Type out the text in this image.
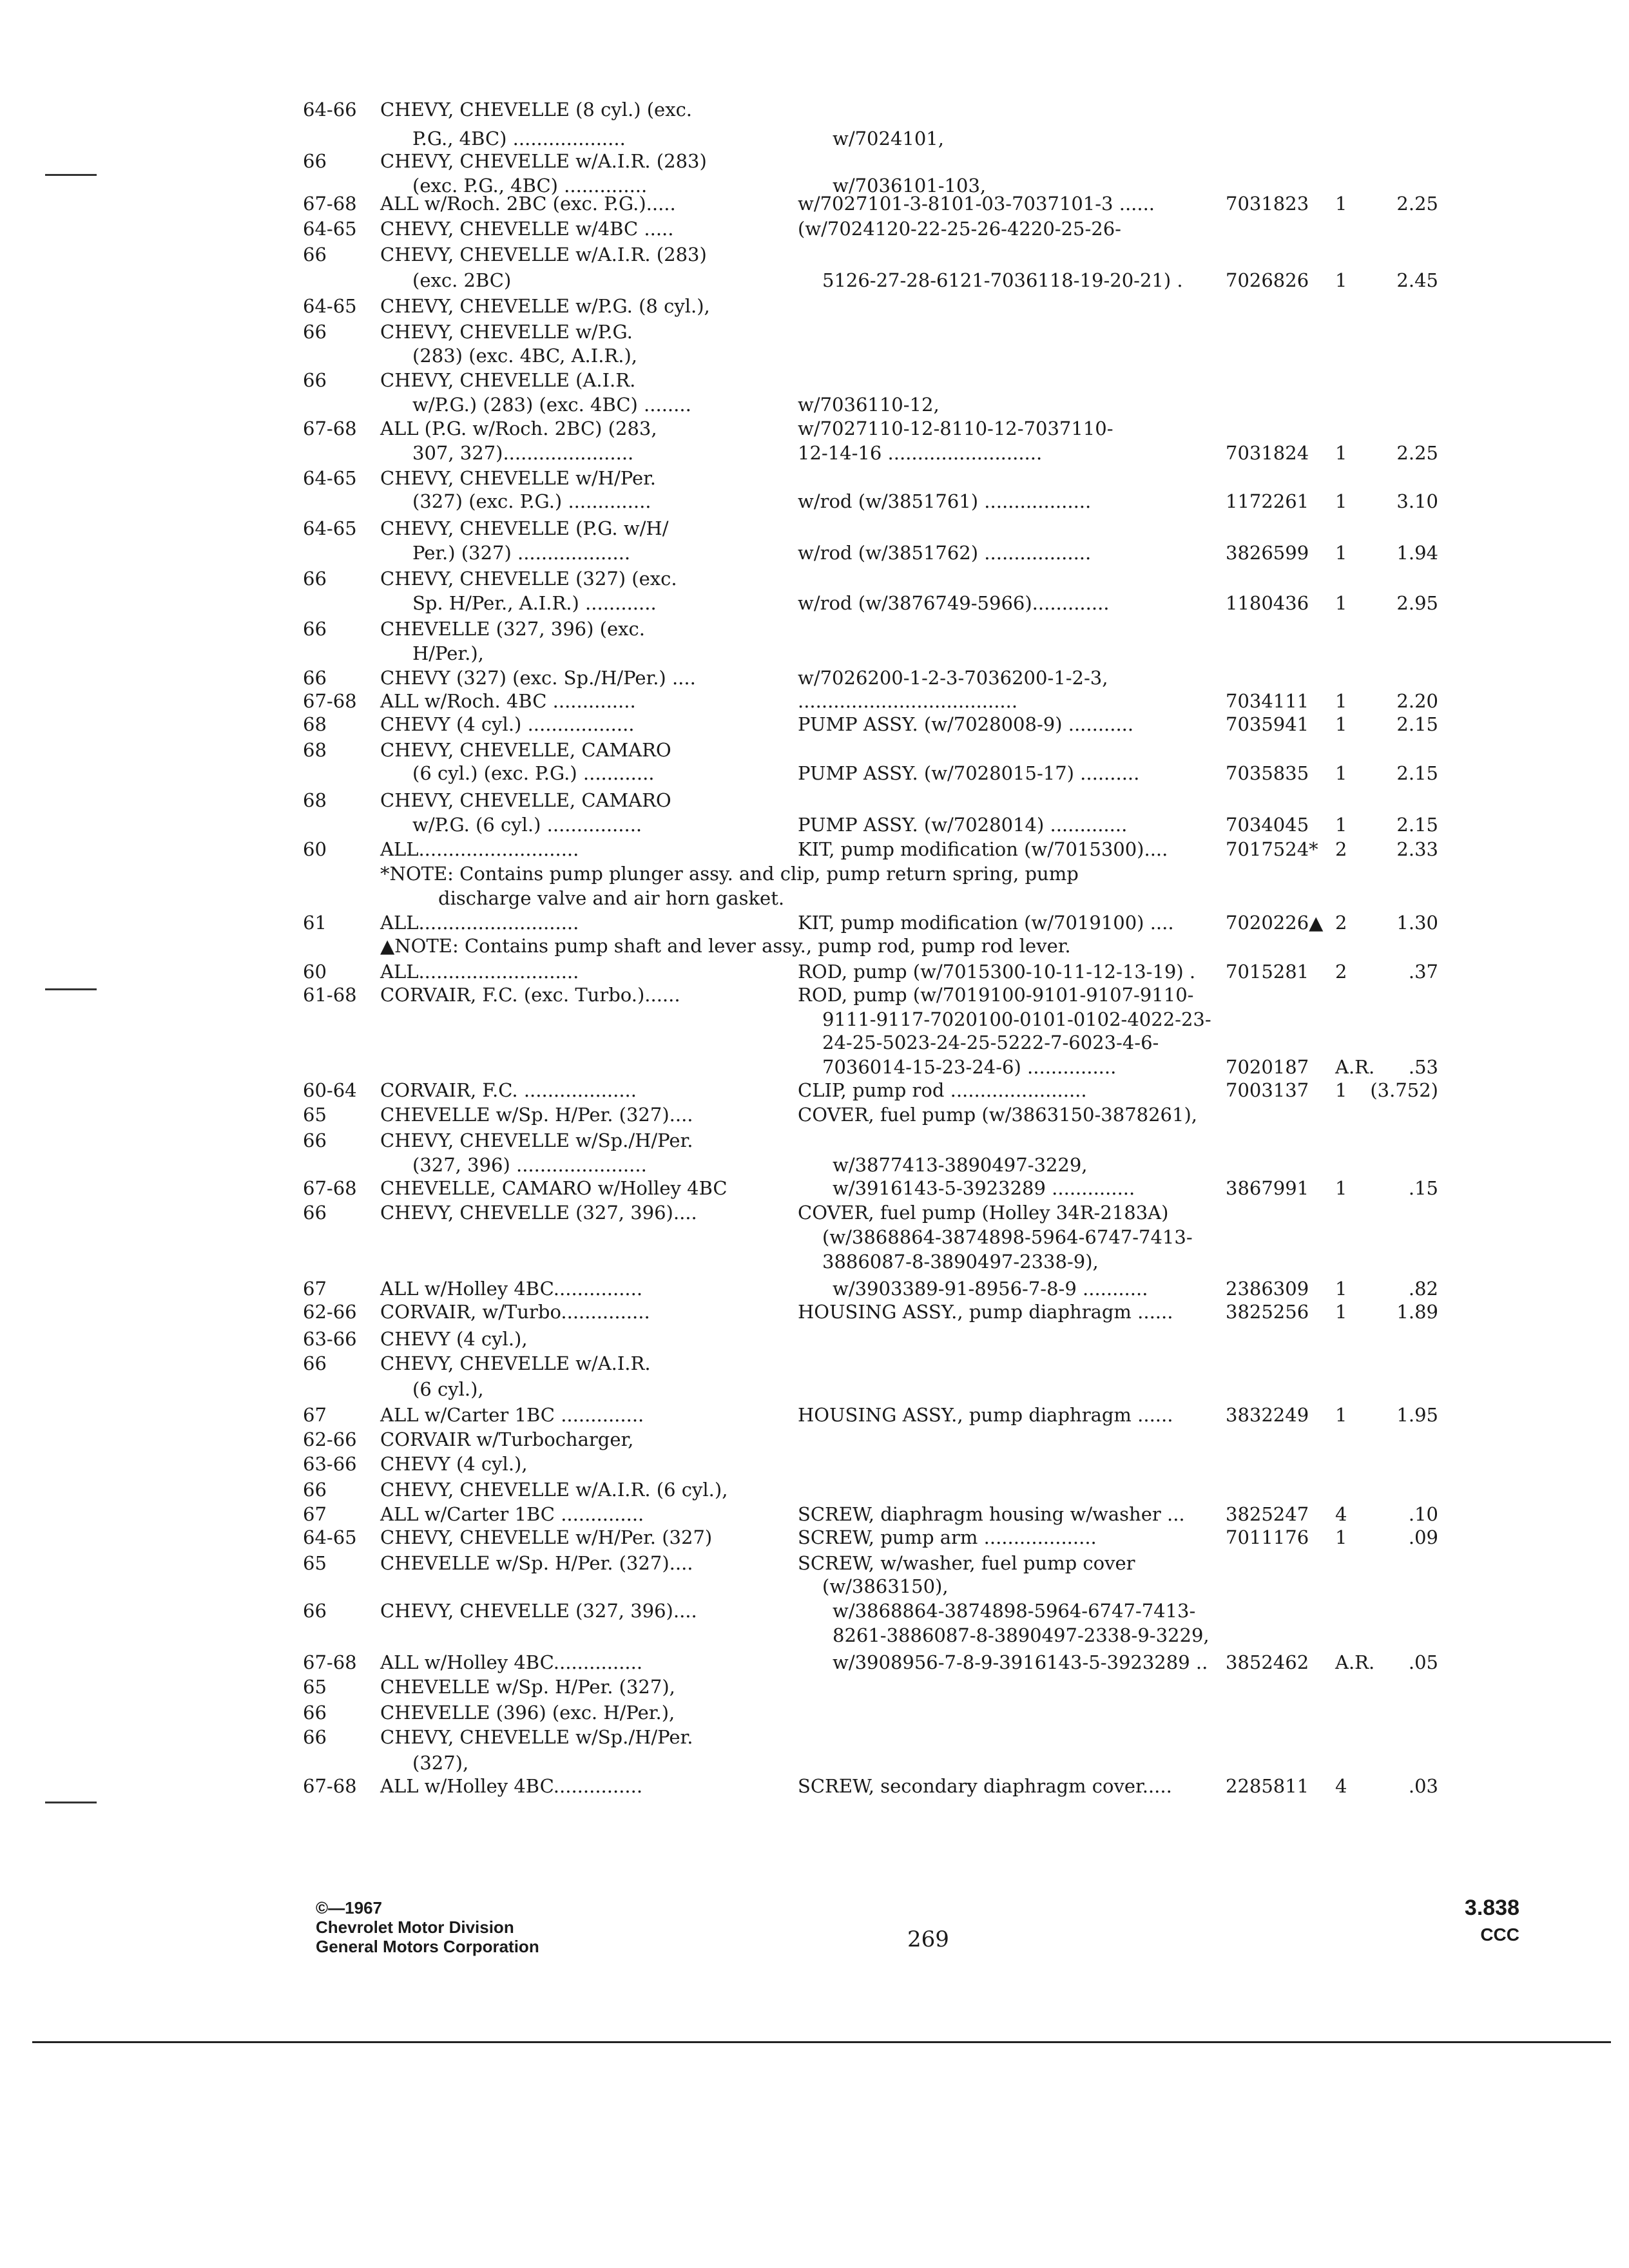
64-66 CHEVY, CHEVELLE (8 cyl.) (exc.
P.G., 4BC) ...................	w/7024101,
66	CHEVY, CHEVELLE w/A.I.R. (283)
(exc. P.G., 4BC) ..............	w/7036101-103,
67-68 ALL w/Roch. 2BC (exc. P.G.).....	w/7027101-3-8101-03-7037101-3 ......	7031823 1	2.25
64-65 CHEVY, CHEVELLE w/4BC .....	(w/7024120-22-25-26-4220-25-26-
66	CHEVY, CHEVELLE w/A.I.R. (283)
(exc. 2BC)	5126-27-28-6121-7036118-19-20-21) . 7026826 1	2.45
64-65 CHEVY, CHEVELLE w/P.G. (8 cyl.),
66	CHEVY, CHEVELLE w/P.G.
(283) (exc. 4BC, A.I.R.),
66	CHEVY, CHEVELLE (A.I.R.
w/P.G.) (283) (exc. 4BC) ........	w/7036110-12,
67-68 ALL (P.G. w/Roch. 2BC) (283,	w/7027110-12-8110-12-7037110-
307, 327)......................	12-14-16 ..........................	7031824 1	2.25
64-65 CHEVY, CHEVELLE w/H/Per.
(327) (exc. P.G.) ..............	w/rod (w/3851761) ..................	1172261 1	3.10
64-65 CHEVY, CHEVELLE (P.G. w/H/
Per.) (327) ...................	w/rod (w/3851762) ..................	3826599 1	1.94
66	CHEVY, CHEVELLE (327) (exc.
Sp. H/Per., A.I.R.) ............	w/rod (w/3876749-5966).............	1180436 1	2.95
66	CHEVELLE (327, 396) (exc.
H/Per.),
66	CHEVY (327) (exc. Sp./H/Per.) ....	w/7026200-1-2-3-7036200-1-2-3,
67-68 ALL w/Roch. 4BC ..............	.....................................	7034111 1	2.20
68	CHEVY (4 cyl.) ..................	PUMP ASSY. (w/7028008-9) ...........	7035941 1	2.15
68	CHEVY, CHEVELLE, CAMARO
(6 cyl.) (exc. P.G.) ............	PUMP ASSY. (w/7028015-17) ..........	7035835 1	2.15
68	CHEVY, CHEVELLE, CAMARO
w/P.G. (6 cyl.) ................	PUMP ASSY. (w/7028014) .............	7034045 1	2.15
60	ALL...........................	KIT, pump modification (w/7015300)....	7017524* 2	2.33
*NOTE: Contains pump plunger assy. and clip, pump return spring, pump
discharge valve and air horn gasket.
61	ALL...........................	KIT, pump modification (w/7019100) ....	7020226▲ 2	1.30
▲NOTE: Contains pump shaft and lever assy., pump rod, pump rod lever.
60	ALL...........................	ROD, pump (w/7015300-10-11-12-13-19) . 7015281 2	.37
61-68 CORVAIR, F.C. (exc. Turbo.)......	ROD, pump (w/7019100-9101-9107-9110-
9111-9117-7020100-0101-0102-4022-23-
24-25-5023-24-25-5222-7-6023-4-6-
7036014-15-23-24-6) ...............	7020187 A.R. .53
60-64 CORVAIR, F.C. ...................	CLIP, pump rod .......................	7003137 1 (3.752)
65	CHEVELLE w/Sp. H/Per. (327)....	COVER, fuel pump (w/3863150-3878261),
66	CHEVY, CHEVELLE w/Sp./H/Per.
(327, 396) ......................	w/3877413-3890497-3229,
67-68 CHEVELLE, CAMARO w/Holley 4BC	w/3916143-5-3923289 ..............	3867991 1	.15
66	CHEVY, CHEVELLE (327, 396)....	COVER, fuel pump (Holley 34R-2183A)
(w/3868864-3874898-5964-6747-7413-
3886087-8-3890497-2338-9),
67	ALL w/Holley 4BC...............	w/3903389-91-8956-7-8-9 ...........	2386309 1	.82
62-66 CORVAIR, w/Turbo...............	HOUSING ASSY., pump diaphragm ......	3825256 1	1.89
63-66 CHEVY (4 cyl.),
66	CHEVY, CHEVELLE w/A.I.R.
(6 cyl.),
67	ALL w/Carter 1BC ..............	HOUSING ASSY., pump diaphragm ......	3832249 1	1.95
62-66 CORVAIR w/Turbocharger,
63-66 CHEVY (4 cyl.),
66	CHEVY, CHEVELLE w/A.I.R. (6 cyl.),
67	ALL w/Carter 1BC ..............	SCREW, diaphragm housing w/washer ... 3825247 4	.10
64-65 CHEVY, CHEVELLE w/H/Per. (327)	SCREW, pump arm ...................	7011176 1	.09
65	CHEVELLE w/Sp. H/Per. (327)....	SCREW, w/washer, fuel pump cover
(w/3863150),
66	CHEVY, CHEVELLE (327, 396)....	w/3868864-3874898-5964-6747-7413-
8261-3886087-8-3890497-2338-9-3229,
67-68 ALL w/Holley 4BC...............	w/3908956-7-8-9-3916143-5-3923289 .. 3852462 A.R. .05
65	CHEVELLE w/Sp. H/Per. (327),
66	CHEVELLE (396) (exc. H/Per.),
66	CHEVY, CHEVELLE w/Sp./H/Per.
(327),
67-68 ALL w/Holley 4BC...............	SCREW, secondary diaphragm cover.....	2285811 4	.03
©—1967
Chevrolet Motor Division
General Motors Corporation	269
3.838
CCC
